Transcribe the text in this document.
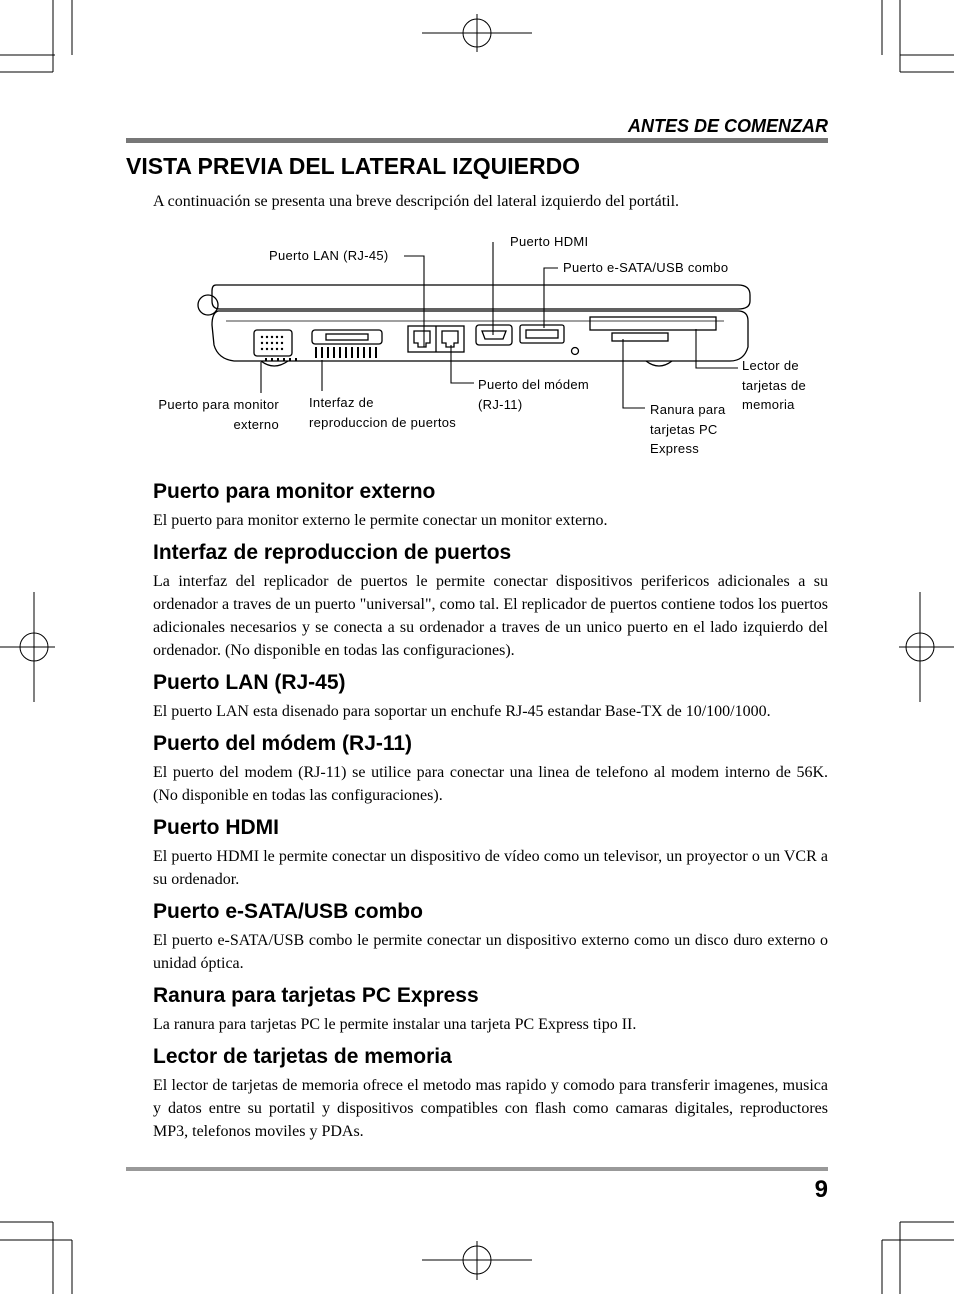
ANTES DE COMENZAR
VISTA PREVIA DEL LATERAL IZQUIERDO

A continuación se presenta una breve descripción del lateral izquierdo del portátil.

Puerto LAN (RJ-45)
Puerto HDMI
Puerto e-SATA/USB combo
Puerto para monitor
externo
Interfaz de
reproduccion de puertos
Puerto del módem
(RJ-11)	Ranura para
tarjetas PC
Express
Lector de
tarjetas de
memoria
Puerto para monitor externo

El puerto para monitor externo le permite conectar un monitor externo.

Interfaz de reproduccion de puertos

La interfaz del replicador de puertos le permite conectar dispositivos perifericos adicionales a su ordenador a traves de un puerto "universal", como tal. El replicador de puertos contiene todos los puertos adicionales necesarios y se conecta a su ordenador a traves de un unico puerto en el lado izquierdo del ordenador. (No disponible en todas las configuraciones).

Puerto LAN (RJ-45)

El puerto LAN esta disenado para soportar un enchufe RJ-45 estandar Base-TX de 10/100/1000.

Puerto del módem (RJ-11)

El puerto del modem (RJ-11) se utilice para conectar una linea de telefono al modem interno de 56K. (No disponible en todas las configuraciones).

Puerto HDMI

El puerto HDMI le permite conectar un dispositivo de vídeo como un televisor, un proyector o un VCR a su ordenador.

Puerto e-SATA/USB combo

El puerto e-SATA/USB combo le permite conectar un dispositivo externo como un disco duro externo o unidad óptica.

Ranura para tarjetas PC Express

La ranura para tarjetas PC le permite instalar una tarjeta PC Express tipo II.

Lector de tarjetas de memoria

El lector de tarjetas de memoria ofrece el metodo mas rapido y comodo para transferir imagenes, musica y datos entre su portatil y dispositivos compatibles con flash como camaras digitales, reproductores MP3, telefonos moviles y PDAs.

9
